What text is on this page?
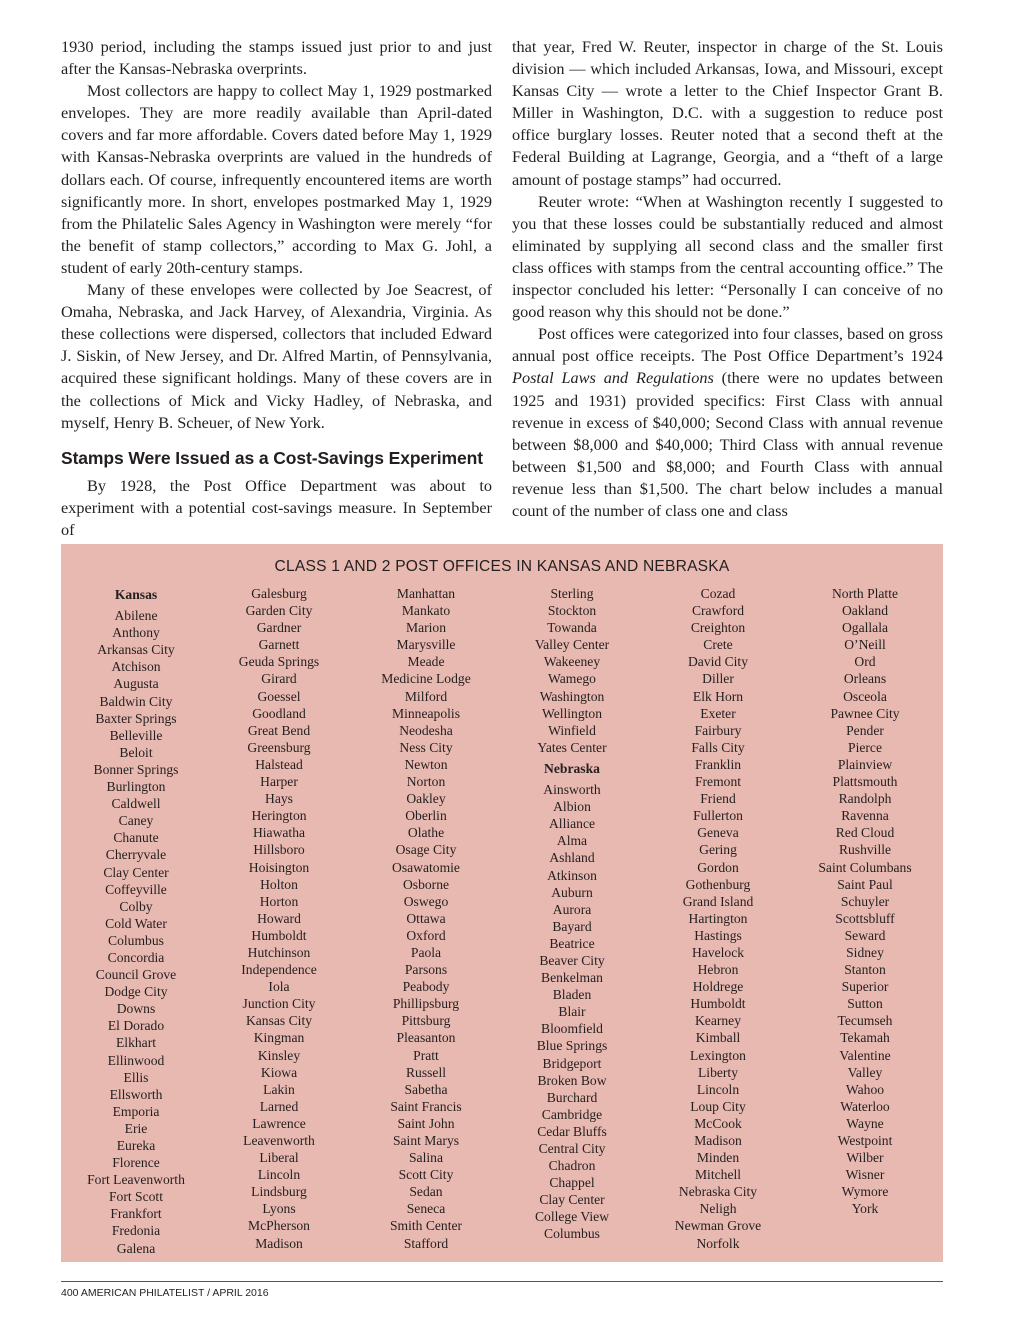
1930 period, including the stamps issued just prior to and just after the Kansas-Nebraska overprints.

Most collectors are happy to collect May 1, 1929 postmarked envelopes. They are more readily available than April-dated covers and far more affordable. Covers dated before May 1, 1929 with Kansas-Nebraska overprints are valued in the hundreds of dollars each. Of course, infrequently encountered items are worth significantly more. In short, envelopes postmarked May 1, 1929 from the Philatelic Sales Agency in Washington were merely “for the benefit of stamp collectors,” according to Max G. Johl, a student of early 20th-century stamps.

Many of these envelopes were collected by Joe Seacrest, of Omaha, Nebraska, and Jack Harvey, of Alexandria, Virginia. As these collections were dispersed, collectors that included Edward J. Siskin, of New Jersey, and Dr. Alfred Martin, of Pennsylvania, acquired these significant holdings. Many of these covers are in the collections of Mick and Vicky Hadley, of Nebraska, and myself, Henry B. Scheuer, of New York.

Stamps Were Issued as a Cost-Savings Experiment

By 1928, the Post Office Department was about to experiment with a potential cost-savings measure. In September of

that year, Fred W. Reuter, inspector in charge of the St. Louis division — which included Arkansas, Iowa, and Missouri, except Kansas City — wrote a letter to the Chief Inspector Grant B. Miller in Washington, D.C. with a suggestion to reduce post office burglary losses. Reuter noted that a second theft at the Federal Building at Lagrange, Georgia, and a “theft of a large amount of postage stamps” had occurred.

Reuter wrote: “When at Washington recently I suggested to you that these losses could be substantially reduced and almost eliminated by supplying all second class and the smaller first class offices with stamps from the central accounting office.” The inspector concluded his letter: “Personally I can conceive of no good reason why this should not be done.”

Post offices were categorized into four classes, based on gross annual post office receipts. The Post Office Department’s 1924 Postal Laws and Regulations (there were no updates between 1925 and 1931) provided specifics: First Class with annual revenue in excess of $40,000; Second Class with annual revenue between $8,000 and $40,000; Third Class with annual revenue between $1,500 and $8,000; and Fourth Class with annual revenue less than $1,500. The chart below includes a manual count of the number of class one and class

CLASS 1 AND 2 POST OFFICES IN KANSAS AND NEBRASKA
Kansas
Abilene
Anthony
Arkansas City
Atchison
Augusta
Baldwin City
Baxter Springs
Belleville
Beloit
Bonner Springs
Burlington
Caldwell
Caney
Chanute
Cherryvale
Clay Center
Coffeyville
Colby
Cold Water
Columbus
Concordia
Council Grove
Dodge City
Downs
El Dorado
Elkhart
Ellinwood
Ellis
Ellsworth
Emporia
Erie
Eureka
Florence
Fort Leavenworth
Fort Scott
Frankfort
Fredonia
Galena
Galesburg
Garden City
Gardner
Garnett
Geuda Springs
Girard
Goessel
Goodland
Great Bend
Greensburg
Halstead
Harper
Hays
Herington
Hiawatha
Hillsboro
Hoisington
Holton
Horton
Howard
Humboldt
Hutchinson
Independence
Iola
Junction City
Kansas City
Kingman
Kinsley
Kiowa
Lakin
Larned
Lawrence
Leavenworth
Liberal
Lincoln
Lindsburg
Lyons
McPherson
Madison
Manhattan
Mankato
Marion
Marysville
Meade
Medicine Lodge
Milford
Minneapolis
Neodesha
Ness City
Newton
Norton
Oakley
Oberlin
Olathe
Osage City
Osawatomie
Osborne
Oswego
Ottawa
Oxford
Paola
Parsons
Peabody
Phillipsburg
Pittsburg
Pleasanton
Pratt
Russell
Sabetha
Saint Francis
Saint John
Saint Marys
Salina
Scott City
Sedan
Seneca
Smith Center
Stafford
Sterling
Stockton
Towanda
Valley Center
Wakeeney
Wamego
Washington
Wellington
Winfield
Yates Center
Nebraska
Ainsworth
Albion
Alliance
Alma
Ashland
Atkinson
Auburn
Aurora
Bayard
Beatrice
Beaver City
Benkelman
Bladen
Blair
Bloomfield
Blue Springs
Bridgeport
Broken Bow
Burchard
Cambridge
Cedar Bluffs
Central City
Chadron
Chappel
Clay Center
College View
Columbus
Cozad
Crawford
Creighton
Crete
David City
Diller
Elk Horn
Exeter
Fairbury
Falls City
Franklin
Fremont
Friend
Fullerton
Geneva
Gering
Gordon
Gothenburg
Grand Island
Hartington
Hastings
Havelock
Hebron
Holdrege
Humboldt
Kearney
Kimball
Lexington
Liberty
Lincoln
Loup City
McCook
Madison
Minden
Mitchell
Nebraska City
Neligh
Newman Grove
Norfolk
North Platte
Oakland
Ogallala
O’Neill
Ord
Orleans
Osceola
Pawnee City
Pender
Pierce
Plainview
Plattsmouth
Randolph
Ravenna
Red Cloud
Rushville
Saint Columbans
Saint Paul
Schuyler
Scottsbluff
Seward
Sidney
Stanton
Superior
Sutton
Tecumseh
Tekamah
Valentine
Valley
Wahoo
Waterloo
Wayne
Westpoint
Wilber
Wisner
Wymore
York
400 AMERICAN PHILATELIST / APRIL 2016
